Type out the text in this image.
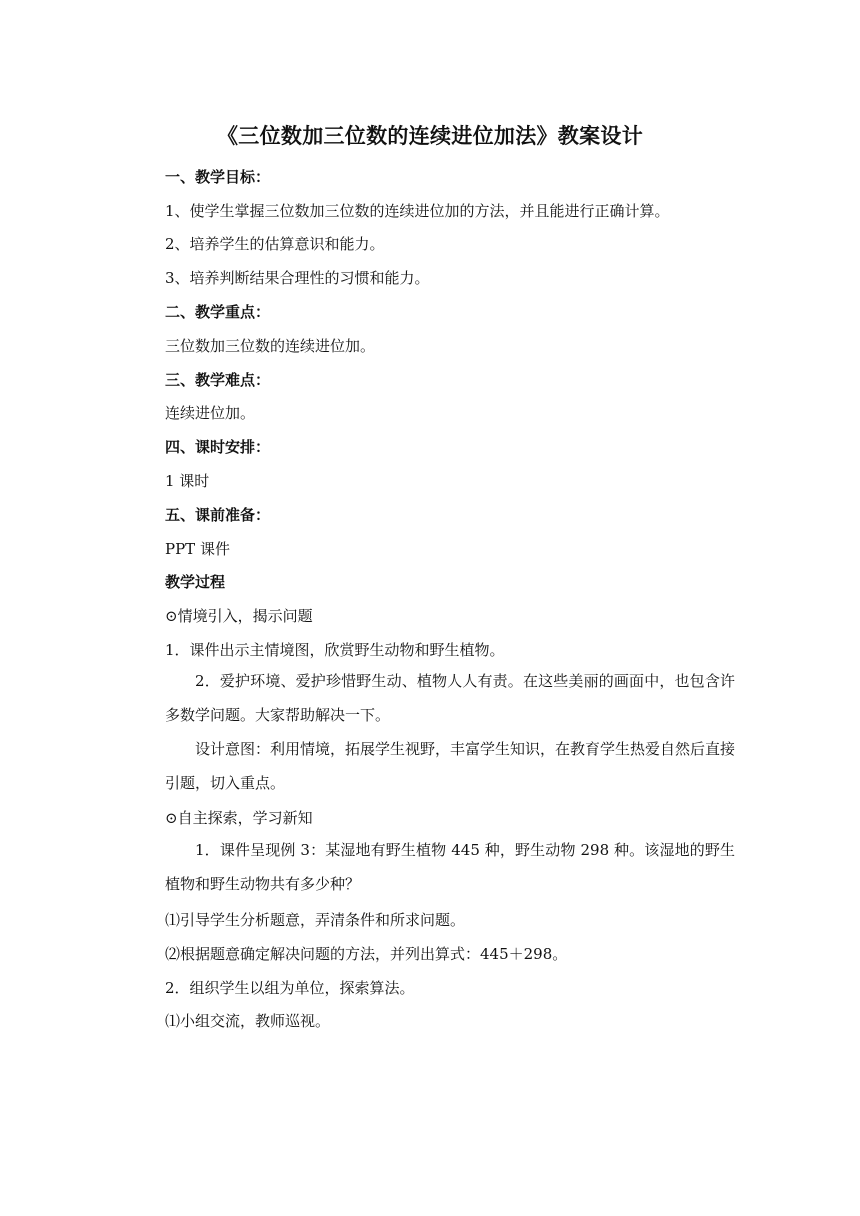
《三位数加三位数的连续进位加法》教案设计
一、教学目标：
1、使学生掌握三位数加三位数的连续进位加的方法，并且能进行正确计算。
2、培养学生的估算意识和能力。
3、培养判断结果合理性的习惯和能力。
二、教学重点：
三位数加三位数的连续进位加。
三、教学难点：
连续进位加。
四、课时安排：
1 课时
五、课前准备：
PPT 课件
教学过程
⊙情境引入，揭示问题
1．课件出示主情境图，欣赏野生动物和野生植物。
2．爱护环境、爱护珍惜野生动、植物人人有责。在这些美丽的画面中，也包含许多数学问题。大家帮助解决一下。
设计意图：利用情境，拓展学生视野，丰富学生知识，在教育学生热爱自然后直接引题，切入重点。
⊙自主探索，学习新知
1．课件呈现例 3：某湿地有野生植物 445 种，野生动物 298 种。该湿地的野生植物和野生动物共有多少种？
⑴引导学生分析题意，弄清条件和所求问题。
⑵根据题意确定解决问题的方法，并列出算式：445＋298。
2．组织学生以组为单位，探索算法。
⑴小组交流，教师巡视。
